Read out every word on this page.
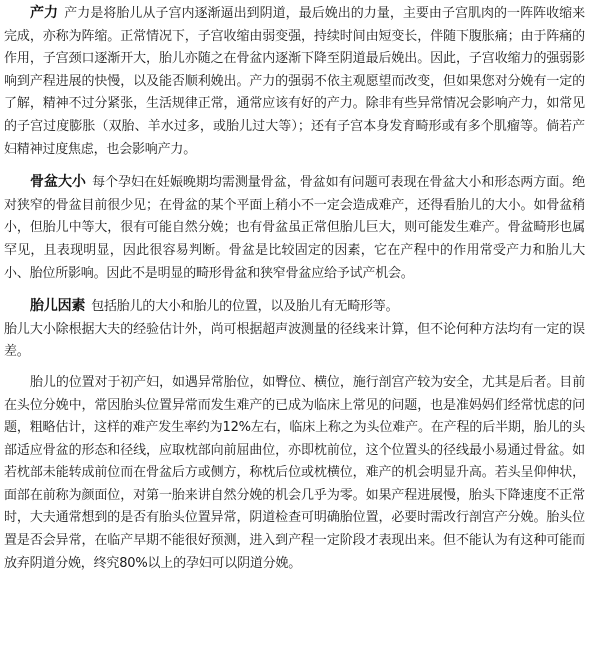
产力 产力是将胎儿从子宫内逐渐逼出到阴道，最后娩出的力量，主要由子宫肌肉的一阵阵收缩来完成，亦称为阵缩。正常情况下，子宫收缩由弱变强，持续时间由短变长，伴随下腹胀痛；由于阵痛的作用，子宫颈口逐渐开大，胎儿亦随之在骨盆内逐渐下降至阴道最后娩出。因此，子宫收缩力的强弱影响到产程进展的快慢，以及能否顺利娩出。产力的强弱不依主观愿望而改变，但如果您对分娩有一定的了解，精神不过分紧张，生活规律正常，通常应该有好的产力。除非有些异常情况会影响产力，如常见的子宫过度膨胀（双胎、羊水过多，或胎儿过大等）；还有子宫本身发育畸形或有多个肌瘤等。倘若产妇精神过度焦虑，也会影响产力。

骨盆大小 每个孕妇在妊娠晚期均需测量骨盆，骨盆如有问题可表现在骨盆大小和形态两方面。绝对狭窄的骨盆目前很少见；在骨盆的某个平面上稍小不一定会造成难产，还得看胎儿的大小。如骨盆稍小，但胎儿中等大，很有可能自然分娩；也有骨盆虽正常但胎儿巨大，则可能发生难产。骨盆畸形也属罕见，且表现明显，因此很容易判断。骨盆是比较固定的因素，它在产程中的作用常受产力和胎儿大小、胎位所影响。因此不是明显的畸形骨盆和狭窄骨盆应给予试产机会。

胎儿因素 包括胎儿的大小和胎儿的位置，以及胎儿有无畸形等。

胎儿大小除根据大夫的经验估计外，尚可根据超声波测量的径线来计算，但不论何种方法均有一定的误差。

胎儿的位置对于初产妇，如遇异常胎位，如臀位、横位，施行剖宫产较为安全，尤其是后者。目前在头位分娩中，常因胎头位置异常而发生难产的已成为临床上常见的问题，也是准妈妈们经常忧虑的问题，粗略估计，这样的难产发生率约为12%左右，临床上称之为头位难产。在产程的后半期，胎儿的头部适应骨盆的形态和径线，应取枕部向前屈曲位，亦即枕前位，这个位置头的径线最小易通过骨盆。如若枕部未能转成前位而在骨盆后方或侧方，称枕后位或枕横位，难产的机会明显升高。若头呈仰伸状，面部在前称为颜面位，对第一胎来讲自然分娩的机会几乎为零。如果产程进展慢，胎头下降速度不正常时，大夫通常想到的是否有胎头位置异常，阴道检查可明确胎位置，必要时需改行剖宫产分娩。胎头位置是否会异常，在临产早期不能很好预测，进入到产程一定阶段才表现出来。但不能认为有这种可能而放弃阴道分娩，终究80%以上的孕妇可以阴道分娩。
